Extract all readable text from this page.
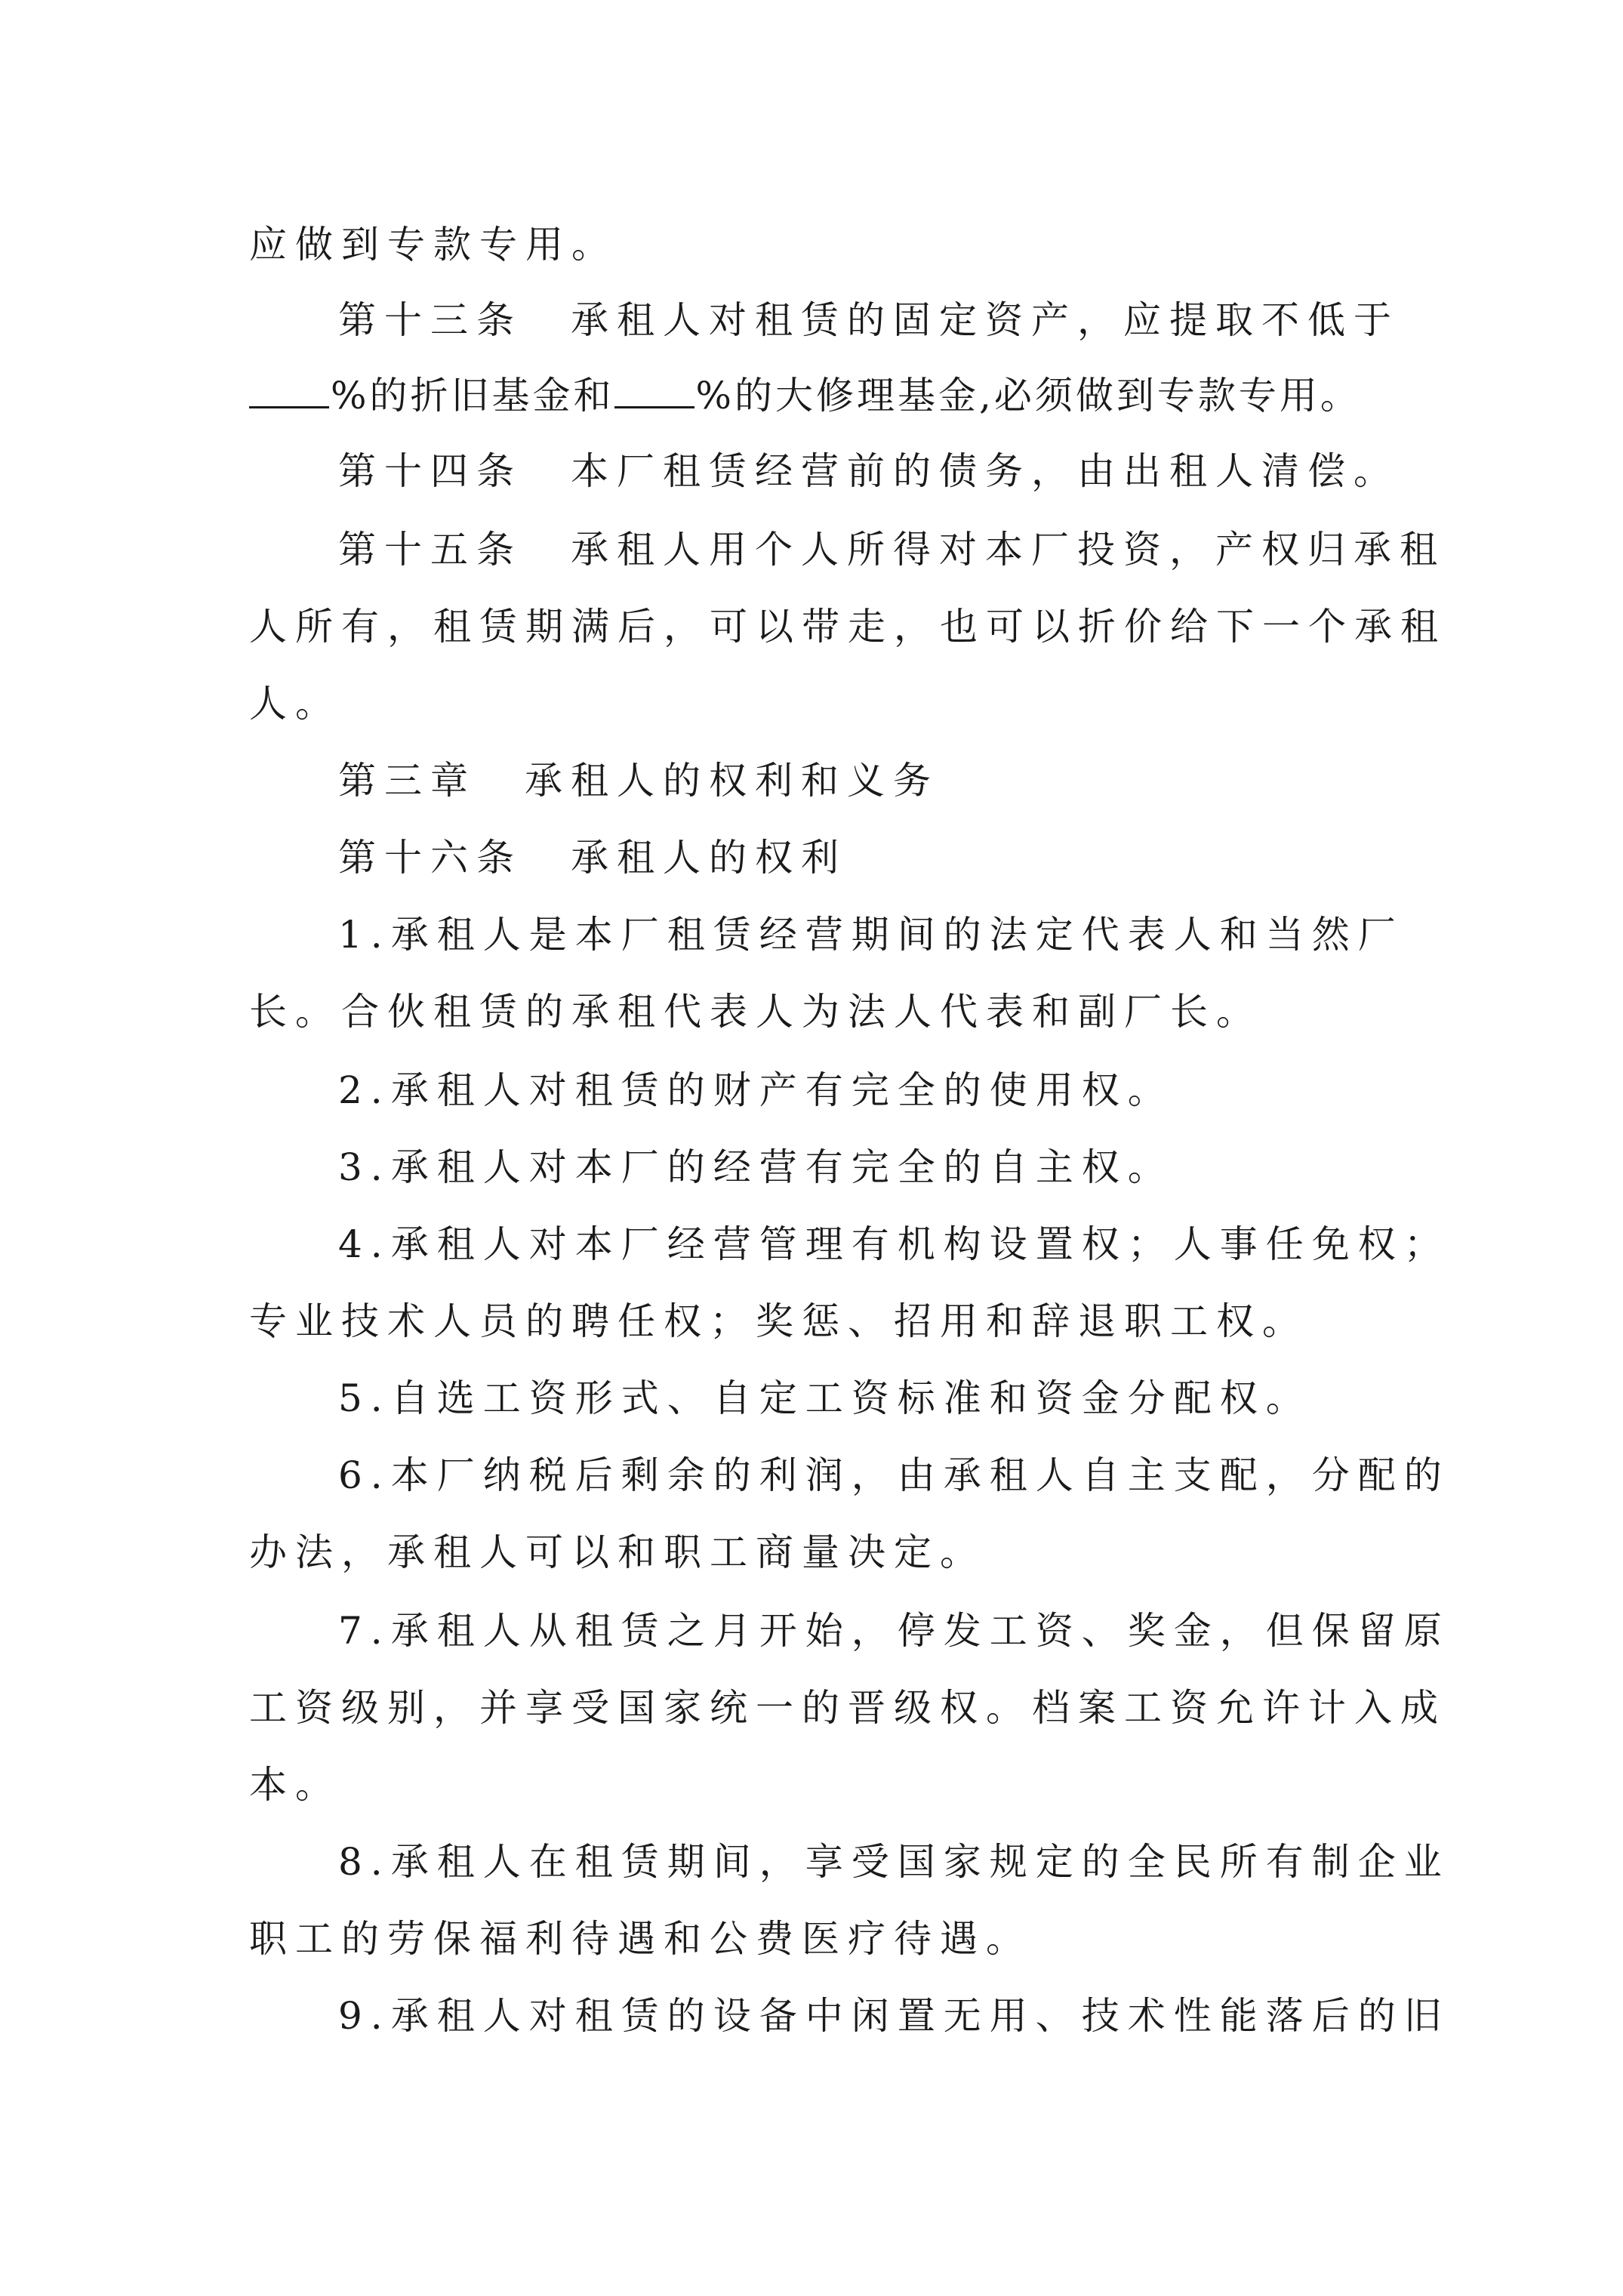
应做到专款专用。
第十三条 承租人对租赁的固定资产，应提取不低于
%的折旧基金和 %的大修理基金,必须做到专款专用。
第十四条 本厂租赁经营前的债务，由出租人清偿。
第十五条 承租人用个人所得对本厂投资，产权归承租
人所有，租赁期满后，可以带走，也可以折价给下一个承租
人。
第三章 承租人的权利和义务
第十六条 承租人的权利
1.承租人是本厂租赁经营期间的法定代表人和当然厂
长。合伙租赁的承租代表人为法人代表和副厂长。
2.承租人对租赁的财产有完全的使用权。
3.承租人对本厂的经营有完全的自主权。
4.承租人对本厂经营管理有机构设置权；人事任免权；
专业技术人员的聘任权；奖惩、招用和辞退职工权。
5.自选工资形式、自定工资标准和资金分配权。
6.本厂纳税后剩余的利润，由承租人自主支配，分配的
办法，承租人可以和职工商量决定。
7.承租人从租赁之月开始，停发工资、奖金，但保留原
工资级别，并享受国家统一的晋级权。档案工资允许计入成
本。
8.承租人在租赁期间，享受国家规定的全民所有制企业
职工的劳保福利待遇和公费医疗待遇。
9.承租人对租赁的设备中闲置无用、技术性能落后的旧
